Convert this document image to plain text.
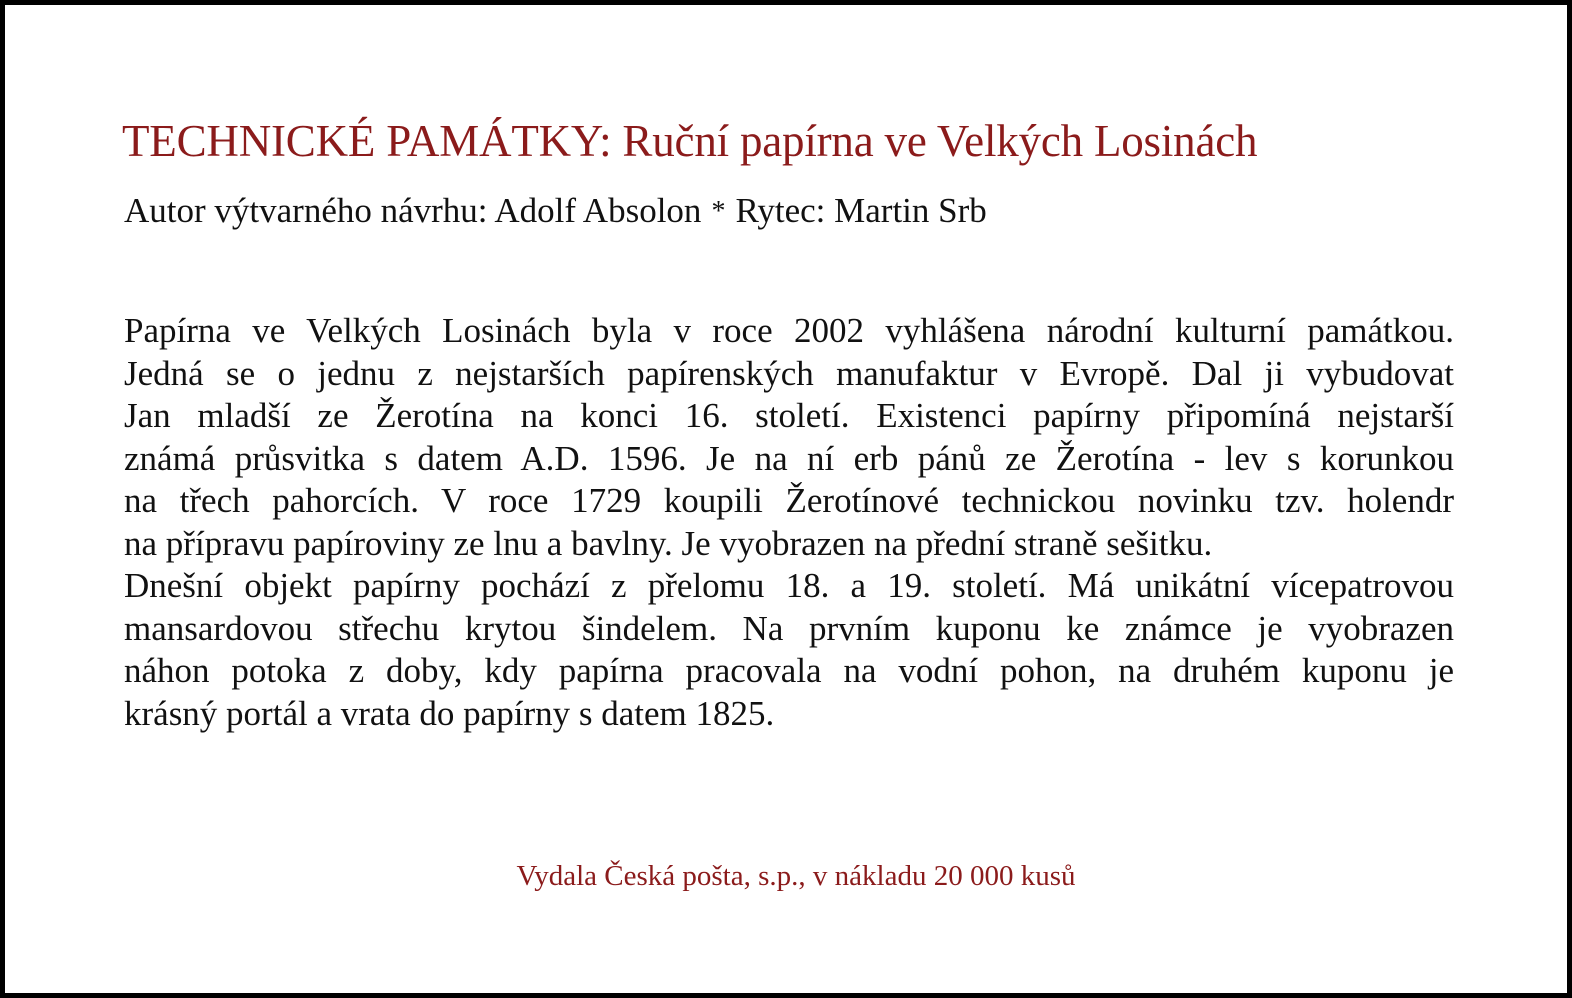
TECHNICKÉ PAMÁTKY: Ruční papírna ve Velkých Losinách

Autor výtvarného návrhu: Adolf Absolon * Rytec: Martin Srb

Papírna ve Velkých Losinách byla v roce 2002 vyhlášena národní kulturní památkou.
Jedná se o jednu z nejstarších papírenských manufaktur v Evropě. Dal ji vybudovat
Jan mladší ze Žerotína na konci 16. století. Existenci papírny připomíná nejstarší
známá průsvitka s datem A.D. 1596. Je na ní erb pánů ze Žerotína - lev s korunkou
na třech pahorcích. V roce 1729 koupili Žerotínové technickou novinku tzv. holendr
na přípravu papíroviny ze lnu a bavlny. Je vyobrazen na přední straně sešitku.
Dnešní objekt papírny pochází z přelomu 18. a 19. století. Má unikátní vícepatrovou
mansardovou střechu krytou šindelem. Na prvním kuponu ke známce je vyobrazen
náhon potoka z doby, kdy papírna pracovala na vodní pohon, na druhém kuponu je
krásný portál a vrata do papírny s datem 1825.

Vydala Česká pošta, s.p., v nákladu 20 000 kusů
